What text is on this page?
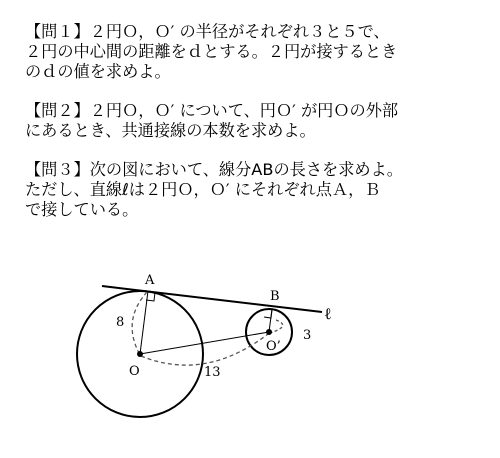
【問１】２円Ｏ，Ｏ′ の半径がそれぞれ３と５で、
２円の中心間の距離をｄとする。２円が接するとき
のｄの値を求めよ。
【問２】２円Ｏ，Ｏ′ について、円Ｏ′ が円Ｏの外部
にあるとき、共通接線の本数を求めよ。
【問３】次の図において、線分ABの長さを求めよ。
ただし、直線ℓは２円Ｏ，Ｏ′ にそれぞれ点Ａ，Ｂ
で接している。
A
B
O
O’
ℓ
8
3
13
